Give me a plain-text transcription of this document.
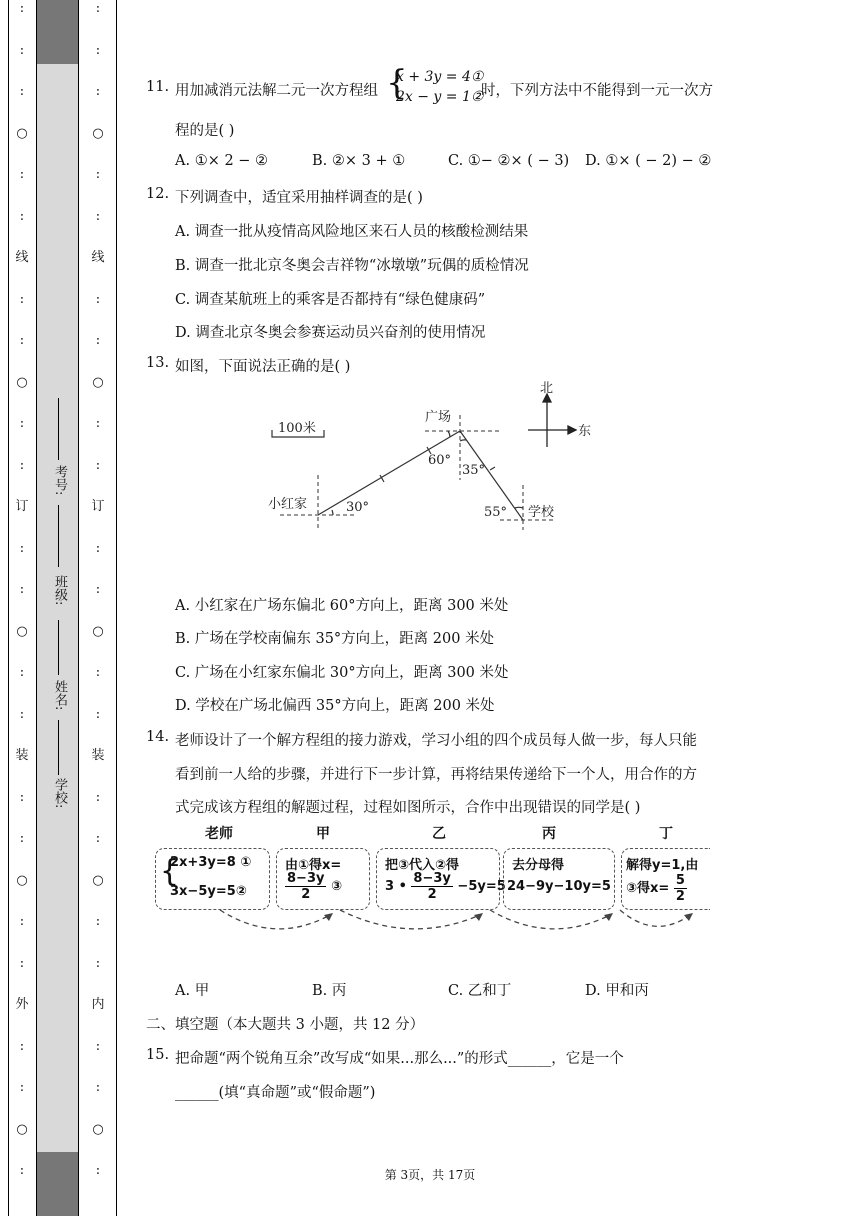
:
:
:
○
:
:
线
:
:
○
:
:
订
:
:
○
:
:
装
:
:
○
:
:
外
:
:
○
:
:
:
:
○
:
:
线
:
:
○
:
:
订
:
:
○
:
:
装
:
:
○
:
:
内
:
:
○
:
学校:
姓名:
班级:
考号:
11. 用加减消元法解二元一次方程组 {
x + 3y = 4①
2x − y = 1②
时，下列方法中不能得到一元一次方
程的是( )
A. ①× 2 − ②	B. ②× 3 + ①	C. ①− ②× ( − 3) D. ①× ( − 2) − ②
12. 下列调查中，适宜采用抽样调查的是( )
A. 调查一批从疫情高风险地区来石人员的核酸检测结果
B. 调查一批北京冬奥会吉祥物“冰墩墩”玩偶的质检情况
C. 调查某航班上的乘客是否都持有“绿色健康码”
D. 调查北京冬奥会参赛运动员兴奋剂的使用情况
13. 如图，下面说法正确的是( )
100米
广场
小红家
学校
北
东
60°
35°
30°	55°
A. 小红家在广场东偏北 60°方向上，距离 300 米处
B. 广场在学校南偏东 35°方向上，距离 200 米处
C. 广场在小红家东偏北 30°方向上，距离 300 米处
D. 学校在广场北偏西 35°方向上，距离 200 米处
14. 老师设计了一个解方程组的接力游戏，学习小组的四个成员每人做一步，每人只能
看到前一人给的步骤，并进行下一步计算，再将结果传递给下一个人，用合作的方
式完成该方程组的解题过程，过程如图所示，合作中出现错误的同学是( )
老师	甲	乙	丙	丁
{
2x+3y=8 ①
3x−5y=5②
由①得x=
$\frac{8-3y}{2}$ ③
把③代入②得
3 • $\frac{8-3y}{2} -5y=5$
去分母得
24−9y−10y=5
解得y=1,由
③得$x= \frac{5}{2}$
A. 甲	B. 丙	C. 乙和丁	D. 甲和丙
二、填空题（本大题共 3 小题，共 12 分）
15. 把命题“两个锐角互余”改写成“如果...那么...”的形式______，它是一个
______(填“真命题”或“假命题”)
第 3页，共 17页
